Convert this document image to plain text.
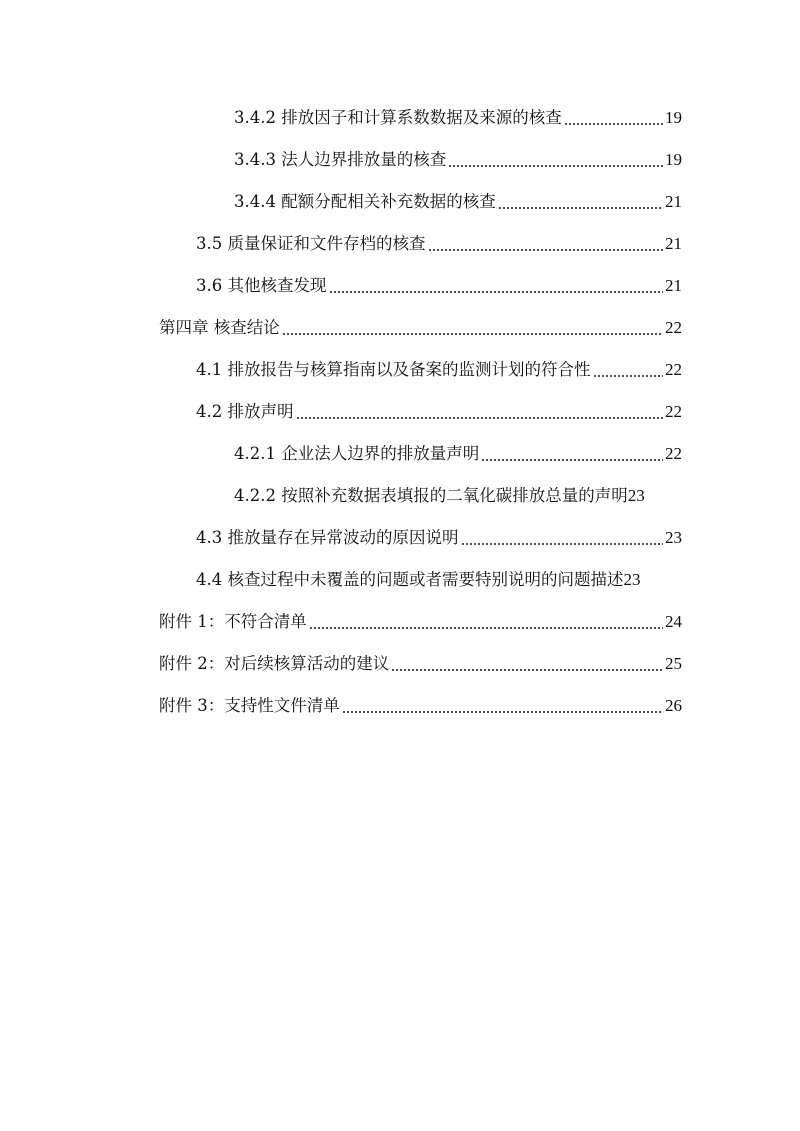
3.4.2 排放因子和计算系数数据及来源的核查	19
3.4.3 法人边界排放量的核查	19
3.4.4 配额分配相关补充数据的核查	21
3.5 质量保证和文件存档的核查	21
3.6 其他核查发现	21
第四章 核查结论	22
4.1 排放报告与核算指南以及备案的监测计划的符合性	22
4.2 排放声明	22
4.2.1 企业法人边界的排放量声明	22
4.2.2 按照补充数据表填报的二氧化碳排放总量的声明 23
4.3 推放量存在异常波动的原因说明	23
4.4 核查过程中未覆盖的问题或者需要特别说明的问题描述 23
附件 1：不符合清单	24
附件 2：对后续核算活动的建议	25
附件 3：支持性文件清单	26
